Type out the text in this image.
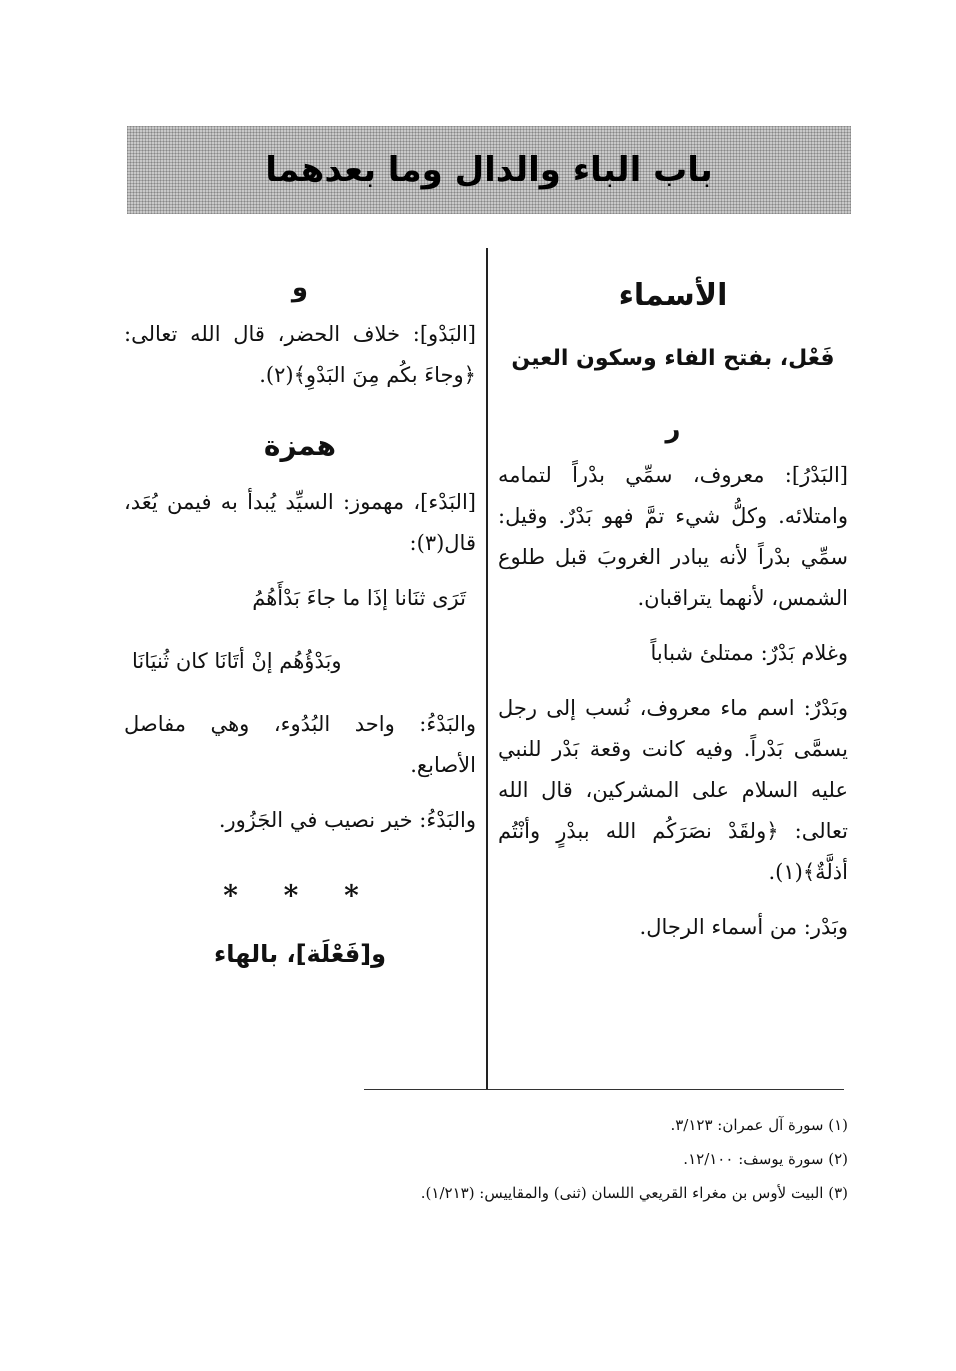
باب الباء والدال وما بعدهما
الأسماء
فَعْل، بفتح الفاء وسكون العين
ر

[البَدْرُ]: معروف، سمِّي بدْراً لتمامه وامتلائه. وكلُّ شيء تمَّ فهو بَدْرٌ. وقيل: سمِّي بدْراً لأنه يبادر الغروبَ قبل طلوع الشمس، لأنهما يتراقبان.

وغلام بَدْرٌ: ممتلئ شباباً

وبَدْرٌ: اسم ماء معروف، نُسب إلى رجل يسمَّى بَدْراً. وفيه كانت وقعة بَدْر للنبي عليه السلام على المشركين، قال الله تعالى: ﴿ولقَدْ نصَرَكُم الله ببدْرٍ وأنْتُم أذلَّةٌ﴾(١).

وبَدْر: من أسماء الرجال.

و

[البَدْو]: خلاف الحضر، قال الله تعالى: ﴿وجاءَ بكُم مِنَ البَدْوِ﴾(٢).

همزة

[البَدْء]، مهموز: السيِّد يُبدأ به فيمن يُعَد، قال(٣):

تَرَى ثنَانا إذَا ما جاءَ بَدْأَهُمُ
وبَدْؤُهُم إنْ أتَانَا كان ثُنيَانَا

والبَدْءُ: واحد البُدُوء، وهي مفاصل الأصابع.

والبَدْءُ: خير نصيب في الجَزُور.

* * *
و[فَعْلَة]، بالهاء
(١) سورة آل عمران: ٣/١٢٣.
(٢) سورة يوسف: ١٢/١٠٠.
(٣) البيت لأوس بن مغراء القريعي اللسان (ثنى) والمقاييس: (١/٢١٣).
